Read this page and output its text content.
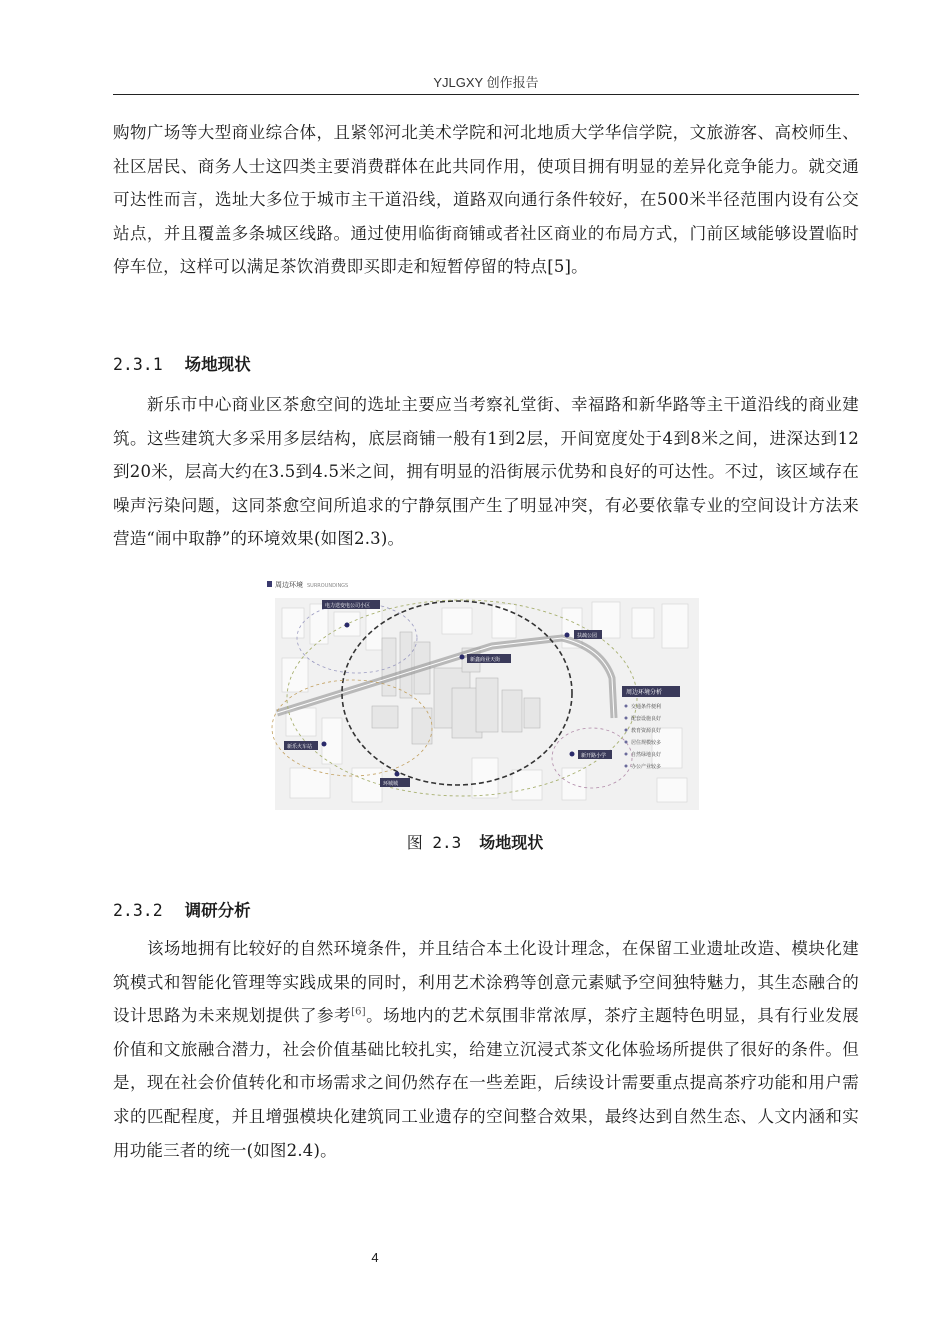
YJLGXY 创作报告

购物广场等大型商业综合体，且紧邻河北美术学院和河北地质大学华信学院，文旅游客、高校师生、社区居民、商务人士这四类主要消费群体在此共同作用，使项目拥有明显的差异化竞争能力。就交通可达性而言，选址大多位于城市主干道沿线，道路双向通行条件较好，在500米半径范围内设有公交站点，并且覆盖多条城区线路。通过使用临街商铺或者社区商业的布局方式，门前区域能够设置临时停车位，这样可以满足茶饮消费即买即走和短暂停留的特点[5]。

2.3.1 场地现状

新乐市中心商业区茶愈空间的选址主要应当考察礼堂街、幸福路和新华路等主干道沿线的商业建筑。这些建筑大多采用多层结构，底层商铺一般有1到2层，开间宽度处于4到8米之间，进深达到12到20米，层高大约在3.5到4.5米之间，拥有明显的沿街展示优势和良好的可达性。不过，该区域存在噪声污染问题，这同茶愈空间所追求的宁静氛围产生了明显冲突，有必要依靠专业的空间设计方法来营造“闹中取静”的环境效果(如图2.3)。

周边环境 SURROUNDINGS
电力送变电公司小区
新鑫商业天街
扶疏公园
新乐火车站
新开路小学
环城城
周边环境分析
交通条件便利
配套设施良好
教育资源良好
居住规模较多
自然绿地良好
办公产业较多
图 2.3 场地现状
2.3.2 调研分析

该场地拥有比较好的自然环境条件，并且结合本土化设计理念，在保留工业遗址改造、模块化建筑模式和智能化管理等实践成果的同时，利用艺术涂鸦等创意元素赋予空间独特魅力，其生态融合的设计思路为未来规划提供了参考[6]。场地内的艺术氛围非常浓厚，茶疗主题特色明显，具有行业发展价值和文旅融合潜力，社会价值基础比较扎实，给建立沉浸式茶文化体验场所提供了很好的条件。但是，现在社会价值转化和市场需求之间仍然存在一些差距，后续设计需要重点提高茶疗功能和用户需求的匹配程度，并且增强模块化建筑同工业遗存的空间整合效果，最终达到自然生态、人文内涵和实用功能三者的统一(如图2.4)。

4
